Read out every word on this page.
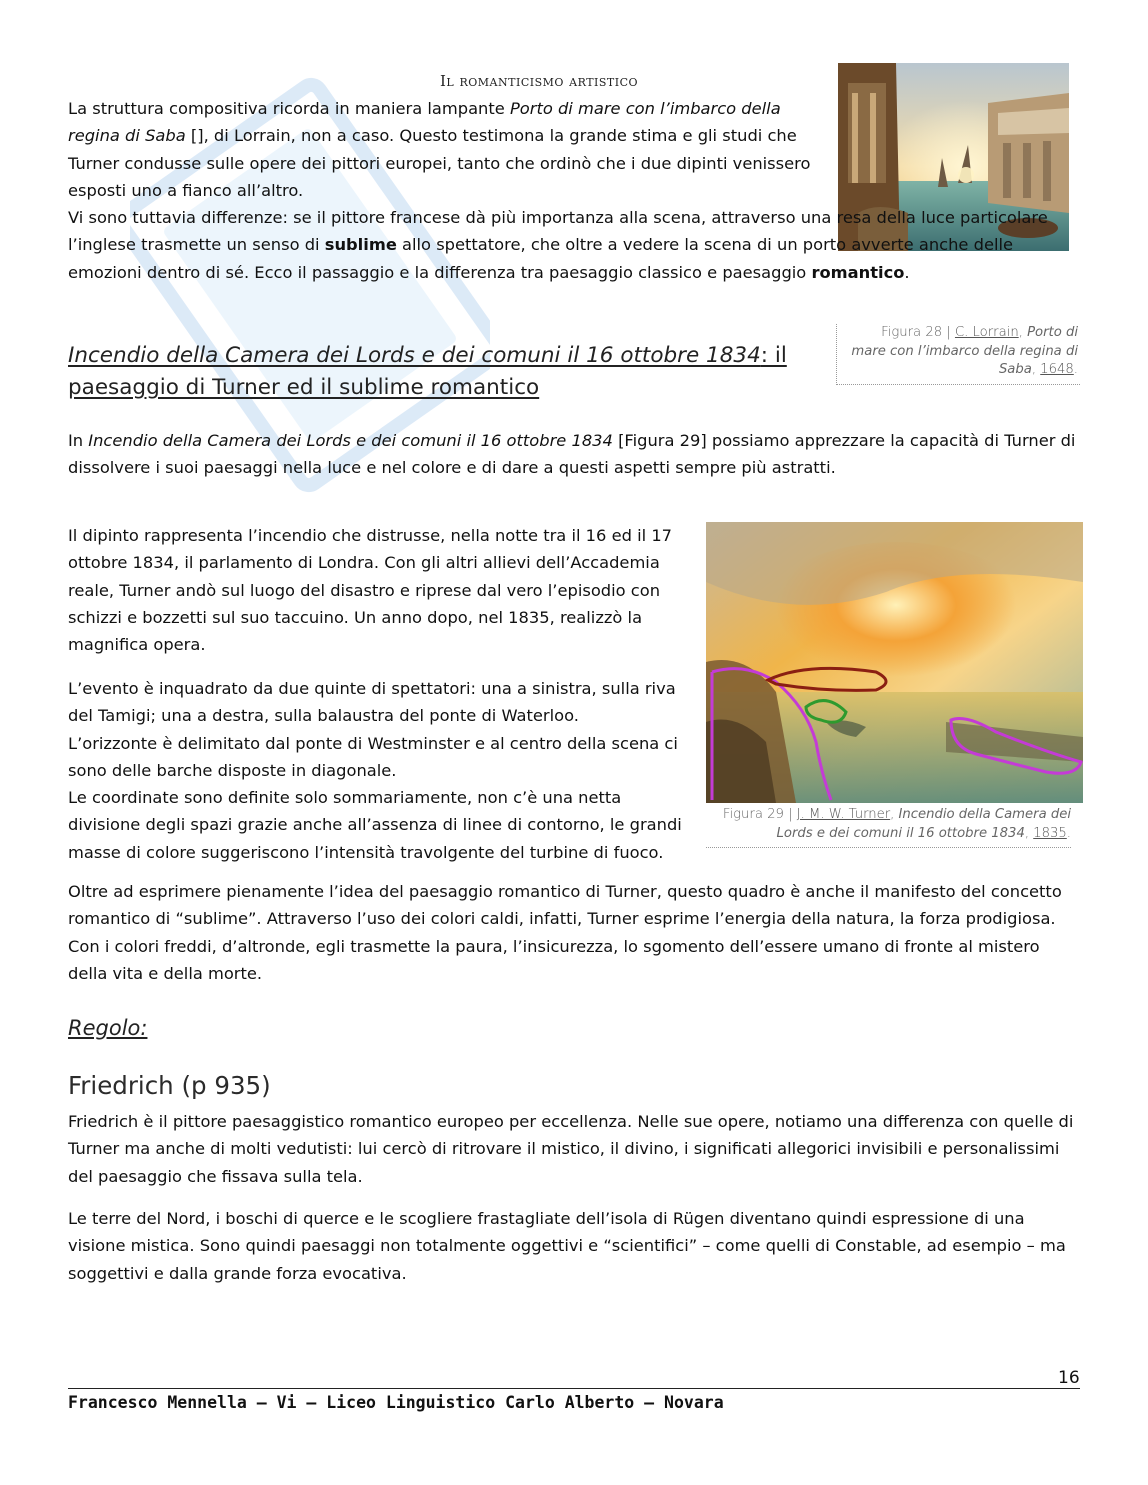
Il romanticismo artistico

La struttura compositiva ricorda in maniera lampante Porto di mare con l’imbarco della regina di Saba [], di Lorrain, non a caso. Questo testimona la grande stima e gli studi che Turner condusse sulle opere dei pittori europei, tanto che ordinò che i due dipinti venissero esposti uno a fianco all’altro.

Vi sono tuttavia differenze: se il pittore francese dà più importanza alla scena, attraverso una resa della luce particolare l’inglese trasmette un senso di sublime allo spettatore, che oltre a vedere la scena di un porto avverte anche delle emozioni dentro di sé. Ecco il passaggio e la differenza tra paesaggio classico e paesaggio romantico.

Figura 28 | C. Lorrain, Porto di mare con l’imbarco della regina di Saba, 1648.
Incendio della Camera dei Lords e dei comuni il 16 ottobre 1834: il paesaggio di Turner ed il sublime romantico

In Incendio della Camera dei Lords e dei comuni il 16 ottobre 1834 [Figura 29] possiamo apprezzare la capacità di Turner di dissolvere i suoi paesaggi nella luce e nel colore e di dare a questi aspetti sempre più astratti.

Il dipinto rappresenta l’incendio che distrusse, nella notte tra il 16 ed il 17 ottobre 1834, il parlamento di Londra. Con gli altri allievi dell’Accademia reale, Turner andò sul luogo del disastro e riprese dal vero l’episodio con schizzi e bozzetti sul suo taccuino. Un anno dopo, nel 1835, realizzò la magnifica opera.

L’evento è inquadrato da due quinte di spettatori: una a sinistra, sulla riva del Tamigi; una a destra, sulla balaustra del ponte di Waterloo.
L’orizzonte è delimitato dal ponte di Westminster e al centro della scena ci sono delle barche disposte in diagonale.
Le coordinate sono definite solo sommariamente, non c’è una netta divisione degli spazi grazie anche all’assenza di linee di contorno, le grandi masse di colore suggeriscono l’intensità travolgente del turbine di fuoco.
Figura 29 | J. M. W. Turner, Incendio della Camera dei Lords e dei comuni il 16 ottobre 1834, 1835.

Oltre ad esprimere pienamente l’idea del paesaggio romantico di Turner, questo quadro è anche il manifesto del concetto romantico di “sublime”. Attraverso l’uso dei colori caldi, infatti, Turner esprime l’energia della natura, la forza prodigiosa. Con i colori freddi, d’altronde, egli trasmette la paura, l’insicurezza, lo sgomento dell’essere umano di fronte al mistero della vita e della morte.

Regolo:
Friedrich (p 935)

Friedrich è il pittore paesaggistico romantico europeo per eccellenza. Nelle sue opere, notiamo una differenza con quelle di Turner ma anche di molti vedutisti: lui cercò di ritrovare il mistico, il divino, i significati allegorici invisibili e personalissimi del paesaggio che fissava sulla tela.

Le terre del Nord, i boschi di querce e le scogliere frastagliate dell’isola di Rügen diventano quindi espressione di una visione mistica. Sono quindi paesaggi non totalmente oggettivi e “scientifici” – come quelli di Constable, ad esempio – ma soggettivi e dalla grande forza evocativa.

16
Francesco Mennella – Vi – Liceo Linguistico Carlo Alberto – Novara
